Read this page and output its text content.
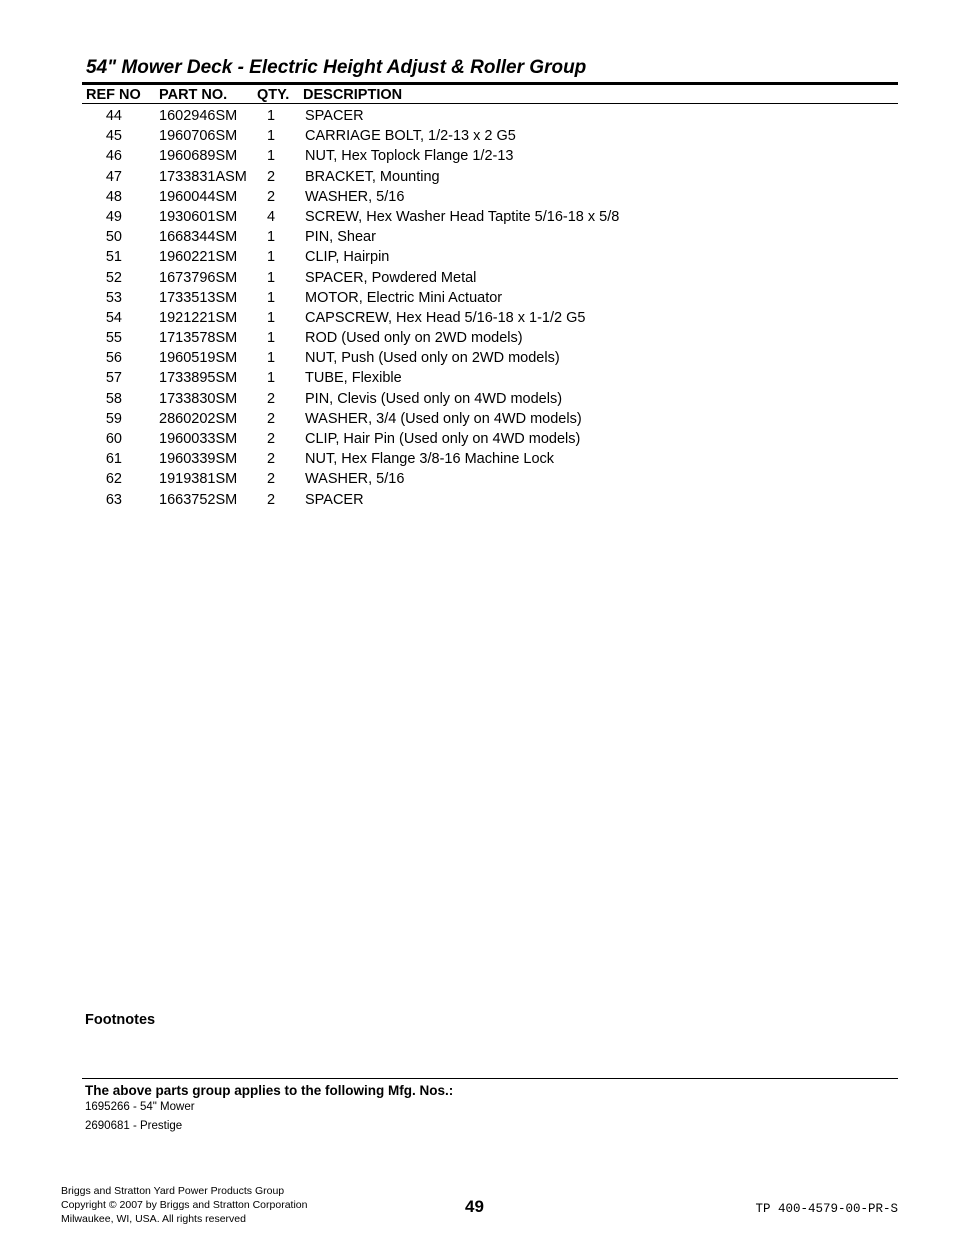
54" Mower Deck - Electric Height Adjust & Roller Group
REF NO PART NO. QTY. DESCRIPTION
44	1602946SM	1	SPACER
45	1960706SM	1	CARRIAGE BOLT, 1/2-13 x 2 G5
46	1960689SM	1	NUT, Hex Toplock Flange 1/2-13
47	1733831ASM	2	BRACKET, Mounting
48	1960044SM	2	WASHER, 5/16
49	1930601SM	4	SCREW, Hex Washer Head Taptite 5/16-18 x 5/8
50	1668344SM	1	PIN, Shear
51	1960221SM	1	CLIP, Hairpin
52	1673796SM	1	SPACER, Powdered Metal
53	1733513SM	1	MOTOR, Electric Mini Actuator
54	1921221SM	1	CAPSCREW, Hex Head 5/16-18 x 1-1/2 G5
55	1713578SM	1	ROD (Used only on 2WD models)
56	1960519SM	1	NUT, Push (Used only on 2WD models)
57	1733895SM	1	TUBE, Flexible
58	1733830SM	2	PIN, Clevis (Used only on 4WD models)
59	2860202SM	2	WASHER, 3/4 (Used only on 4WD models)
60	1960033SM	2	CLIP, Hair Pin (Used only on 4WD models)
61	1960339SM	2	NUT, Hex Flange 3/8-16 Machine Lock
62	1919381SM	2	WASHER, 5/16
63	1663752SM	2	SPACER
Footnotes
The above parts group applies to the following Mfg. Nos.:
1695266 - 54" Mower
2690681 - Prestige
Briggs and Stratton Yard Power Products Group
Copyright © 2007 by Briggs and Stratton Corporation
Milwaukee, WI, USA. All rights reserved
49	TP 400-4579-00-PR-S
